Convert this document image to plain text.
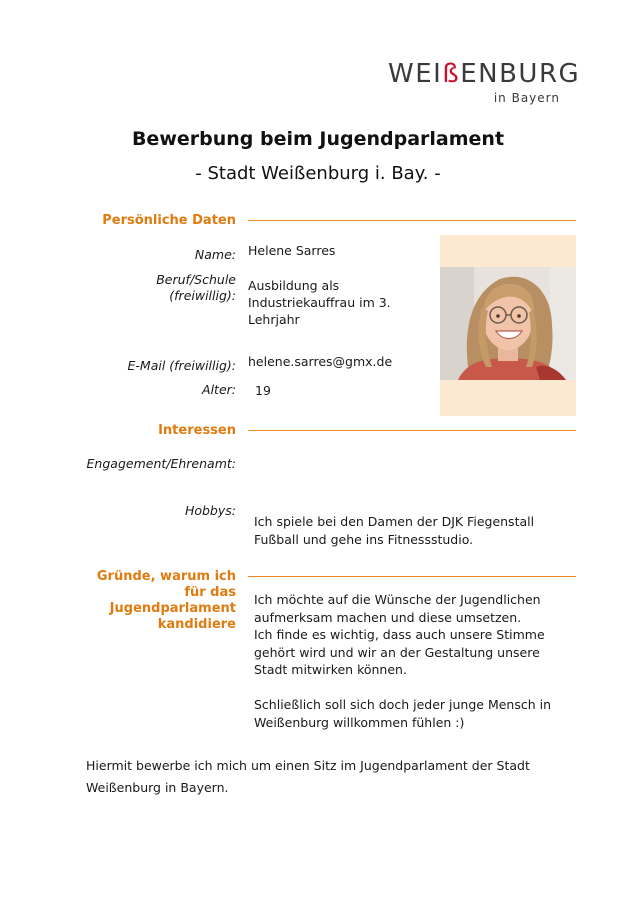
WEIßENBURG
in Bayern
Bewerbung beim Jugendparlament
- Stadt Weißenburg i. Bay. -
Persönliche Daten
Name: Helene Sarres
Beruf/Schule
(freiwillig):
Ausbildung als
Industriekauffrau im 3.
Lehrjahr
E-Mail (freiwillig): helene.sarres@gmx.de
Alter: 19
Interessen
Engagement/Ehrenamt:
Hobbys:
Ich spiele bei den Damen der DJK Fiegenstall
Fußball und gehe ins Fitnessstudio.
Gründe, warum ich
für das
Jugendparlament
kandidiere
Ich möchte auf die Wünsche der Jugendlichen
aufmerksam machen und diese umsetzen.
Ich finde es wichtig, dass auch unsere Stimme
gehört wird und wir an der Gestaltung unsere
Stadt mitwirken können.
Schließlich soll sich doch jeder junge Mensch in
Weißenburg willkommen fühlen :)
Hiermit bewerbe ich mich um einen Sitz im Jugendparlament der Stadt
Weißenburg in Bayern.
